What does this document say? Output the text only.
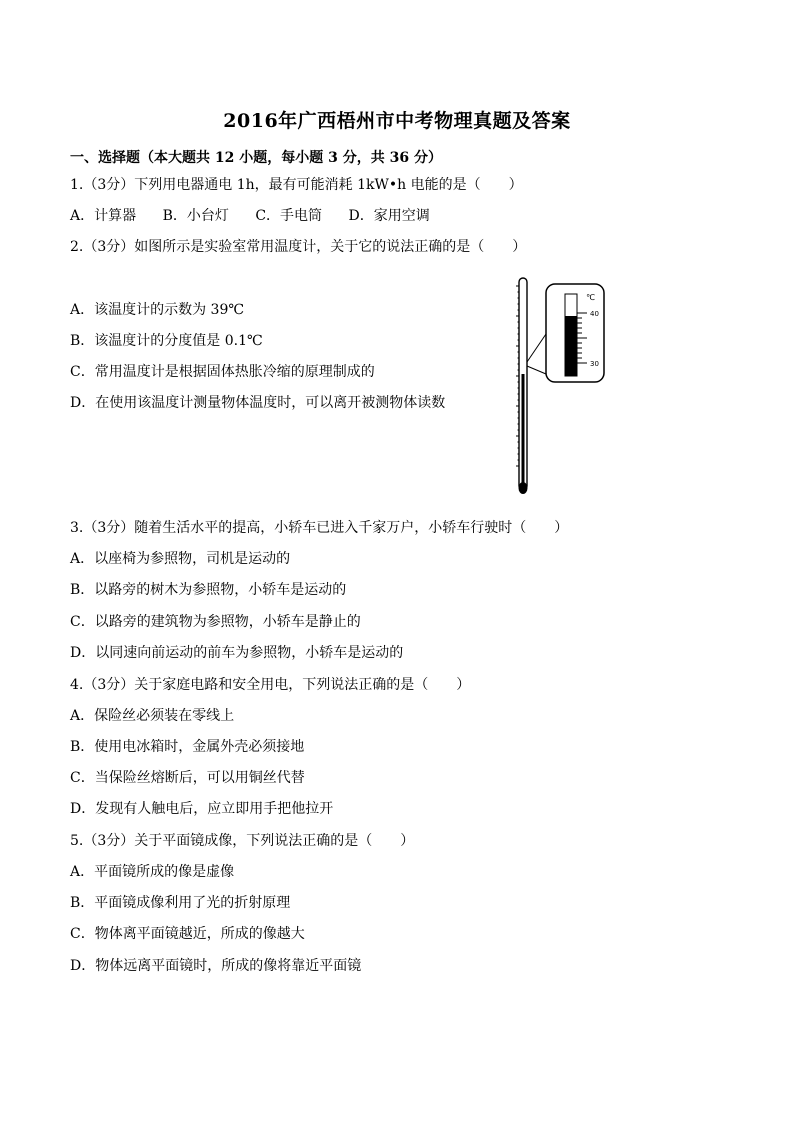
2016年广西梧州市中考物理真题及答案
一、选择题（本大题共 12 小题，每小题 3 分，共 36 分）
1.（3分）下列用电器通电 1h，最有可能消耗 1kW•h 电能的是（　　）
A．计算器 B．小台灯 C．手电筒 D．家用空调
2.（3分）如图所示是实验室常用温度计，关于它的说法正确的是（　　）
A．该温度计的示数为 39℃
B．该温度计的分度值是 0.1℃
C．常用温度计是根据固体热胀冷缩的原理制成的
D．在使用该温度计测量物体温度时，可以离开被测物体读数
℃
40
30
3.（3分）随着生活水平的提高，小轿车已进入千家万户，小轿车行驶时（　　）
A．以座椅为参照物，司机是运动的
B．以路旁的树木为参照物，小轿车是运动的
C．以路旁的建筑物为参照物，小轿车是静止的
D．以同速向前运动的前车为参照物，小轿车是运动的
4.（3分）关于家庭电路和安全用电，下列说法正确的是（　　）
A．保险丝必须装在零线上
B．使用电冰箱时，金属外壳必须接地
C．当保险丝熔断后，可以用铜丝代替
D．发现有人触电后，应立即用手把他拉开
5.（3分）关于平面镜成像，下列说法正确的是（　　）
A．平面镜所成的像是虚像
B．平面镜成像利用了光的折射原理
C．物体离平面镜越近，所成的像越大
D．物体远离平面镜时，所成的像将靠近平面镜
